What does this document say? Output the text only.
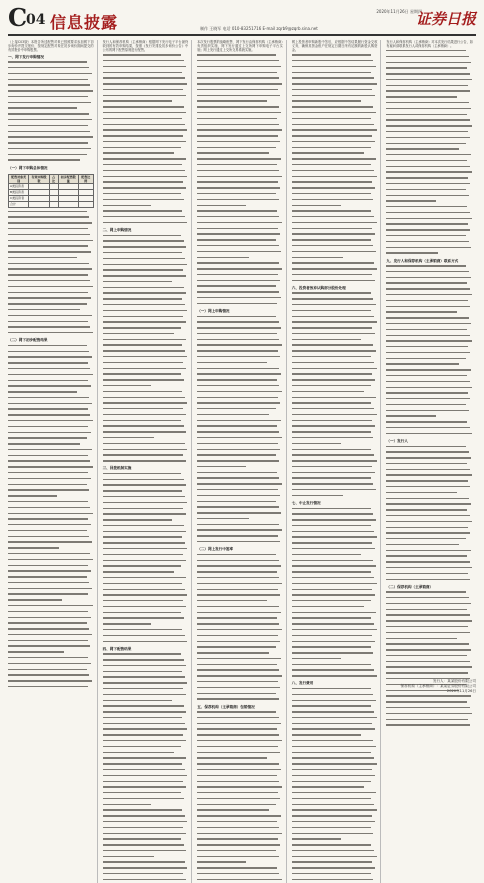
C
04 信息披露
2020年11月26日 星期四
制作 王晓军 电话 010-83251716 E-mail zqrb9@zqrb.sina.net
证券日报
（上接C03版）本报告所述配售对象已按照要求参加网下初步询价并提交报价，按规定配售对象在初步询价期间提交的有效报价中申购股票。
一、网下发行申购情况
（一）网下申购总体情况
配售对象类别	有效申购股数	占比	初步配售数量	配售比例
A类投资者				
B类投资者				
C类投资者				
合计				
（二）网下初步配售结果
发行人和保荐机构（主承销商）根据网下发行电子平台最终收到的有效申购结果，按照《发行安排及初步询价公告》中公布的网下配售原则进行配售。
二、网上申购情况
三、回拨机制实施
四、网下配售结果
本次发行股票的战略配售、网下发行由保荐机构（主承销商）负责组织实施，网下发行通过上交所网下申购电子平台实施；网上发行通过上交所交易系统实施。
（一）网上申购情况
（二）网上发行中签率
五、保荐机构（主承销商）包销情况
网上投资者申购新股中签后，应根据中签结果履行资金交收义务，确保其资金账户在规定日期日终有足额的新股认购资金。
六、投资者放弃认购部分股份处理
七、中止发行情况
八、发行费用
发行人和保荐机构（主承销商）对本次发行结果进行公告，如有疑问请联系发行人或保荐机构（主承销商）。
九、发行人和保荐机构（主承销商）联系方式
（一）发行人
（二）保荐机构（主承销商）
发行人：某某股份有限公司
保荐机构（主承销商）：某某证券股份有限公司
2020年11月26日
